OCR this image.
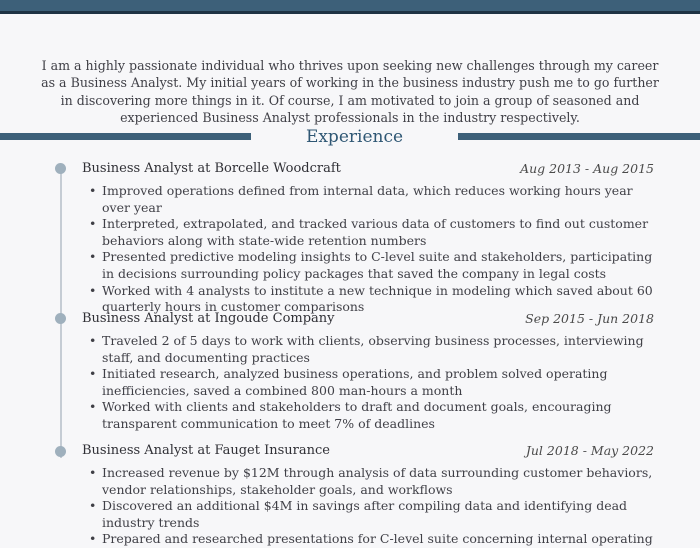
I am a highly passionate individual who thrives upon seeking new challenges through my career as a Business Analyst. My initial years of working in the business industry push me to go further in discovering more things in it. Of course, I am motivated to join a group of seasoned and experienced Business Analyst professionals in the industry respectively.

Experience
Business Analyst at Borcelle Woodcraft	Aug 2013 - Aug 2015
• Improved operations defined from internal data, which reduces working hours year over year
• Interpreted, extrapolated, and tracked various data of customers to find out customer behaviors along with state-wide retention numbers
• Presented predictive modeling insights to C-level suite and stakeholders, participating in decisions surrounding policy packages that saved the company in legal costs
• Worked with 4 analysts to institute a new technique in modeling which saved about 60 quarterly hours in customer comparisons
Business Analyst at Ingoude Company	Sep 2015 - Jun 2018
• Traveled 2 of 5 days to work with clients, observing business processes, interviewing staff, and documenting practices
• Initiated research, analyzed business operations, and problem solved operating inefficiencies, saved a combined 800 man-hours a month
• Worked with clients and stakeholders to draft and document goals, encouraging transparent communication to meet 7% of deadlines
Business Analyst at Fauget Insurance	Jul 2018 - May 2022
• Increased revenue by $12M through analysis of data surrounding customer behaviors, vendor relationships, stakeholder goals, and workflows
• Discovered an additional $4M in savings after compiling data and identifying dead industry trends
• Prepared and researched presentations for C-level suite concerning internal operating
